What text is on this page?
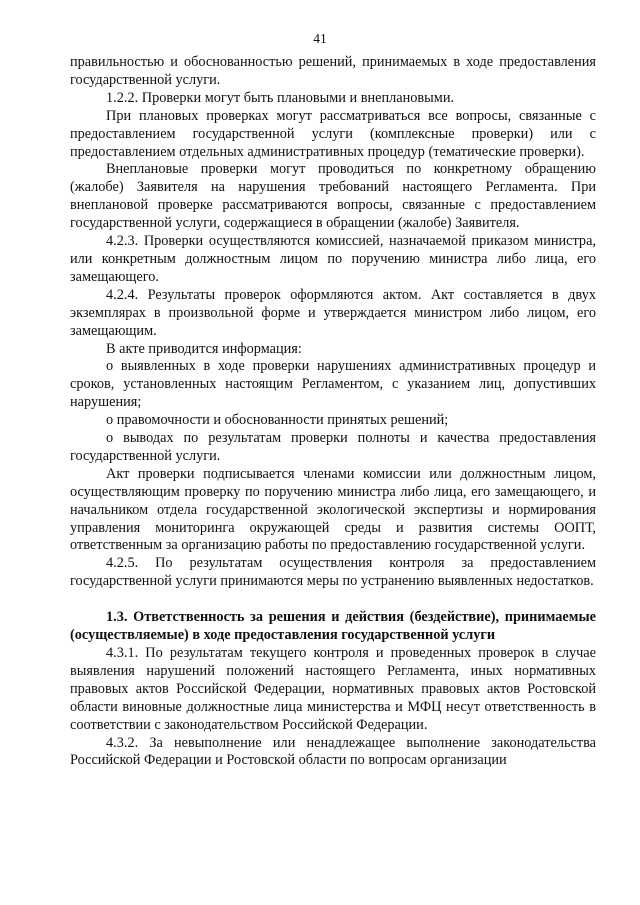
41

правильностью и обоснованностью решений, принимаемых в ходе предоставления государственной услуги.

1.2.2. Проверки могут быть плановыми и внеплановыми.

При плановых проверках могут рассматриваться все вопросы, связанные с предоставлением государственной услуги (комплексные проверки) или с предоставлением отдельных административных процедур (тематические проверки).

Внеплановые проверки могут проводиться по конкретному обращению (жалобе) Заявителя на нарушения требований настоящего Регламента. При внеплановой проверке рассматриваются вопросы, связанные с предоставлением государственной услуги, содержащиеся в обращении (жалобе) Заявителя.

4.2.3. Проверки осуществляются комиссией, назначаемой приказом министра, или конкретным должностным лицом по поручению министра либо лица, его замещающего.

4.2.4. Результаты проверок оформляются актом. Акт составляется в двух экземплярах в произвольной форме и утверждается министром либо лицом, его замещающим.

В акте приводится информация:

о выявленных в ходе проверки нарушениях административных процедур и сроков, установленных настоящим Регламентом, с указанием лиц, допустивших нарушения;

о правомочности и обоснованности принятых решений;

о выводах по результатам проверки полноты и качества предоставления государственной услуги.

Акт проверки подписывается членами комиссии или должностным лицом, осуществляющим проверку по поручению министра либо лица, его замещающего, и начальником отдела государственной экологической экспертизы и нормирования управления мониторинга окружающей среды и развития системы ООПТ, ответственным за организацию работы по предоставлению государственной услуги.

4.2.5. По результатам осуществления контроля за предоставлением государственной услуги принимаются меры по устранению выявленных недостатков.

1.3. Ответственность за решения и действия (бездействие), принимаемые (осуществляемые) в ходе предоставления государственной услуги

4.3.1. По результатам текущего контроля и проведенных проверок в случае выявления нарушений положений настоящего Регламента, иных нормативных правовых актов Российской Федерации, нормативных правовых актов Ростовской области виновные должностные лица министерства и МФЦ несут ответственность в соответствии с законодательством Российской Федерации.

4.3.2. За невыполнение или ненадлежащее выполнение законодательства Российской Федерации и Ростовской области по вопросам организации
